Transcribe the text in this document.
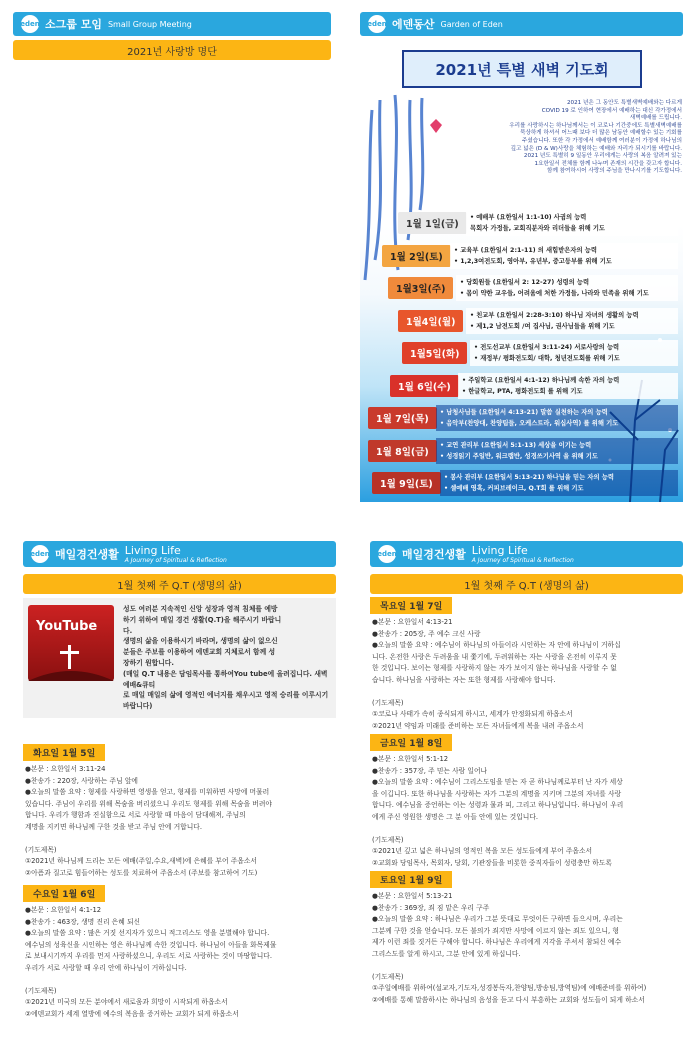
eden 소그룹 모임 Small Group Meeting
2021년 사랑방 명단
eden 에덴동산 Garden of Eden
2021년 특별 새벽 기도회
2021 년은 그 동안도 특별새벽예배와는 다르게
COVID 19 로 인하여 현장에서 예배하는 대신 각가정에서
새벽예배를 드립니다.
우리를 사랑하시는 하나님께서는 이 코로나 기간중에도 특별새벽예배를
묵상하게 하셔서 어느때 보다 더 많은 남동안 예배할수 있는 기회를
주셨습니다. 또한 각 가정에서 예배함께 여러분이 가정에 하나님의
깊고 넓은 (D & W)사랑을 체험하는 예배와 자리가 되시기를 바랍니다.
2021 년도 특별히 9 일동안 우리에게는 사랑의 복음 알려져 있는
1요한일서 전체를 함께 나누며 존재의 시간을 갖고자 합니다.
함께 참여하시어 사랑의 주님을 만나시기를 기도합니다.
1월 1일(금)
• 예배부 (요한일서 1:1-10) 사귐의 능력
목회자 가정들, 교회직분자와 리더들을 위해 기도
1월 2일(토)
• 교육부 (요한일서 2:1-11) 의 새힘받은자의 능력
• 1,2,3여전도회, 영아부, 유년부, 중고등부를 위해 기도
1월3일(주)
• 당회원들 (요한일서 2: 12-27) 성령의 능력
• 몸이 약한 교우들, 어려움에 처한 가정들, 나라와 민족을 위해 기도
1월4일(월)
• 친교부 (요한일서 2:28-3:10) 하나님 자녀의 생활의 능력
• 제1,2 남전도회 /여 집사님, 권사님들을 위해 기도
1월5일(화)
• 전도선교부 (요한일서 3:11-24) 서로사랑의 능력
• 재정부/ 평화전도회/ 대학, 청년전도회를 위해 기도
1월 6일(수)
• 주일학교 (요한일서 4:1-12) 하나님께 속한 자의 능력
• 한글학교, PTA, 평화전도회 를 위해 기도
1월 7일(목)
• 남청사님들 (요한일서 4:13-21) 말씀 실천하는 자의 능력
• 음악부(찬양대, 찬양팀들, 오케스트라, 워십사역) 를 위해 기도
1월 8일(금)
• 교연 관리부 (요한일서 5:1-13) 세상을 이기는 능력
• 성경읽기 주일반, 워크랩반, 성경쓰기사역 을 위해 기도
1월 9일(토)
• 봉사 관리부 (요한일서 5:13-21) 하나님을 믿는 자의 능력
• 셀예배 영혹, 커피브레이크, Q.T회 를 위해 기도
eden 매일경건생활 Living Life
A Journey of Spiritual & Reflection
1월 첫째 주 Q.T (생명의 삶)
YouTube
성도 여러분 지속적인 신앙 성장과 영적 침체를 예방
하기 위하여 매일 경건 생활(Q.T)을 해주시기 바랍니
다.
생명의 삶을 이용하시기 바라며, 생명의 삶이 없으신
분들은 주보를 이용하여 에덴교회 지체로서 함께 성
장하기 원합니다.
(매일 Q.T 내용은 담임목사를 통하여You tube에 올려집니다. 새벽예배&큐티
로 매일 매일의 삶에 영적인 에너지를 채우시고 영적 승리를 이루시기 바랍니다)
화요일 1월 5일

●본문 : 요한일서 3:11-24

●찬송가 : 220장, 사랑하는 주님 앞에

●오늘의 말씀 요약 : 형제를 사랑하면 영생을 얻고, 형제를 미워하면 사망에 머물러

있습니다. 주님이 우리를 위해 목숨을 버리셨으니 우리도 형제를 위해 목숨을 버려야

합니다. 우리가 행함과 진실함으로 서로 사랑할 때 마음이 담대해져, 주님의

계명을 지키면 하나님께 구한 것을 받고 주님 안에 거합니다.

(기도제목)

①2021년 하나님께 드리는 모든 예배(주일,수요,새벽)에 은혜를 부어 주옵소서

②아픔과 질고로 힘들어하는 성도를 치료하여 주옵소서 (주보를 참고하여 기도)

수요일 1월 6일

●본문 : 요한일서 4:1-12

●찬송가 : 463장, 생명 진리 은혜 되신

●오늘의 말씀 요약 : 많은 거짓 선지자가 있으니 적그리스도 영을 분별해야 합니다.

예수님의 성육신을 시인하는 영은 하나님께 속한 것입니다. 하나님이 아들을 화목제물

로 보내시기까지 우리를 먼저 사랑하셨으니, 우리도 서로 사랑하는 것이 마땅합니다.

우리가 서로 사랑할 때 우리 안에 하나님이 거하십니다.

(기도제목)

①2021년 미국의 모든 분야에서 새로움과 희망이 시작되게 하옵소서

②에덴교회가 세계 열방에 예수의 복음을 증거하는 교회가 되게 하옵소서

eden 매일경건생활 Living Life
A Journey of Spiritual & Reflection
1월 첫째 주 Q.T (생명의 삶)
목요일 1월 7일

●본문 : 요한일서 4:13-21

●찬송가 : 205장, 주 예수 크신 사랑

●오늘의 말씀 요약 : 예수님이 하나님의 아들이라 시인하는 자 안에 하나님이 거하십

니다. 온전한 사랑은 두려움을 내 쫓기에, 두려워하는 자는 사랑을 온전히 이루지 못

한 것입니다. 보이는 형제를 사랑하지 않는 자가 보이지 않는 하나님을 사랑할 수 없

습니다. 하나님을 사랑하는 자는 또한 형제를 사랑해야 합니다.

(기도제목)

①코로나 사태가 속히 종식되게 하시고, 세계가 안정화되게 하옵소서

②2021년 약임과 미래를 준비하는 모든 자녀들에게 복을 내려 주옵소서

금요일 1월 8일

●본문 : 요한일서 5:1-12

●찬송가 : 357장, 주 믿는 사람 일어나

●오늘의 말씀 요약 : 예수님이 그리스도임을 믿는 자 곧 하나님께로부터 난 자가 세상

을 이깁니다. 또한 하나님을 사랑하는 자가 그분의 계명을 지키며 그분의 자녀를 사랑

합니다. 예수님을 증언하는 이는 성령과 물과 피, 그리고 하나님입니다. 하나님이 우리

에게 주신 영원한 생명은 그 분 아들 안에 있는 것입니다.

(기도제목)

①2021년 깊고 넓은 하나님의 영적인 복을 모든 성도들에게 부어 주옵소서

②교회와 당임목사, 목회자, 당회, 기관장들을 비롯한 중직자들이 성령충만 하도록

토요일 1월 9일

●본문 : 요한일서 5:13-21

●찬송가 : 369장, 죄 짐 맡은 우리 구주

●오늘의 말씀 요약 : 하나님은 우리가 그분 뜻대로 무엇이든 구하면 들으시며, 우리는

그분께 구한 것을 얻습니다. 모든 불의가 죄지만 사망에 이르지 않는 죄도 있으니, 형

제가 이런 죄를 짓거든 구해야 합니다. 하나님은 우리에게 지각을 주셔서 참되신 예수

그리스도를 알게 하시고, 그분 안에 있게 하십니다.

(기도제목)

①주일예배를 위하여(설교자,기도자,성경봉독자,찬양팀,방송팀,방역팀)에 예배준비를 위하여)

②예배를 통해 말씀하시는 하나님의 음성을 듣고 다시 부흥하는 교회와 성도들이 되게 하소서
